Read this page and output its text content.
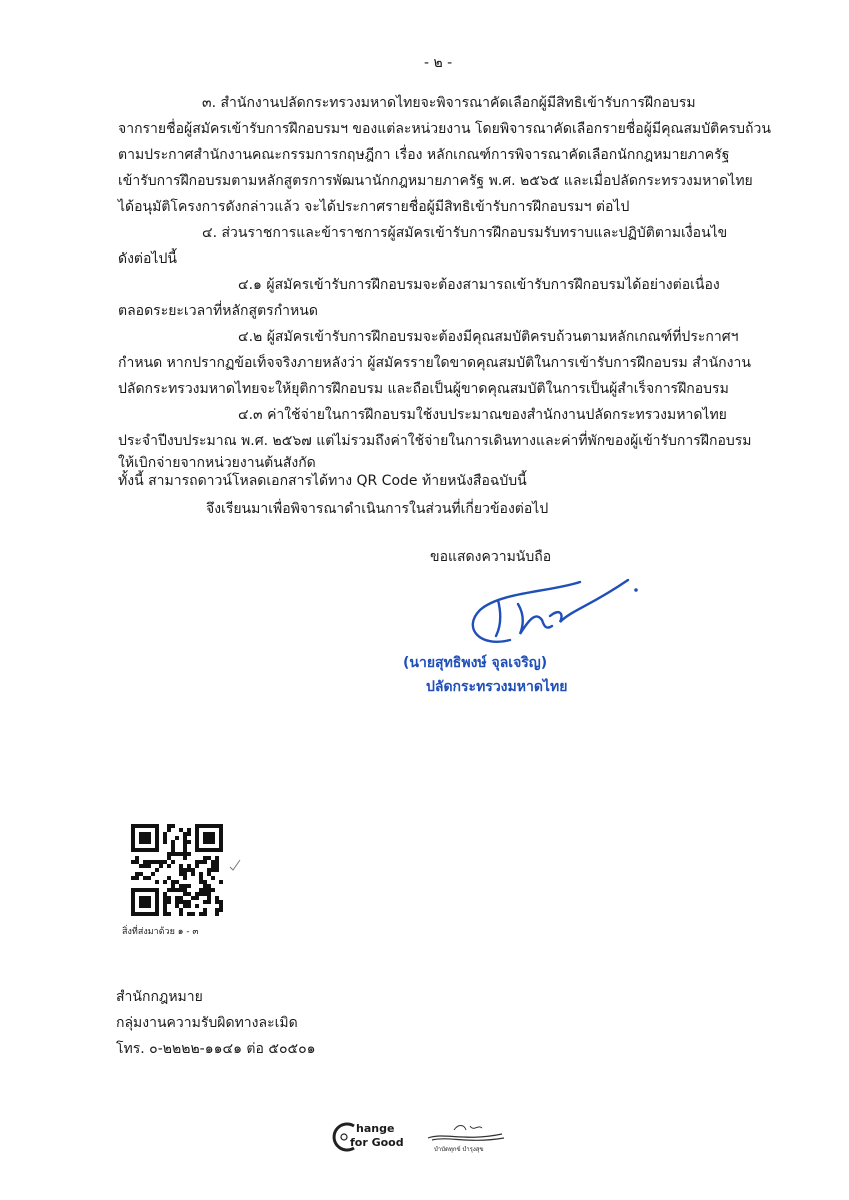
- ๒ -
๓. สำนักงานปลัดกระทรวงมหาดไทยจะพิจารณาคัดเลือกผู้มีสิทธิเข้ารับการฝึกอบรม
จากรายชื่อผู้สมัครเข้ารับการฝึกอบรมฯ ของแต่ละหน่วยงาน โดยพิจารณาคัดเลือกรายชื่อผู้มีคุณสมบัติครบถ้วน
ตามประกาศสำนักงานคณะกรรมการกฤษฎีกา เรื่อง หลักเกณฑ์การพิจารณาคัดเลือกนักกฎหมายภาครัฐ
เข้ารับการฝึกอบรมตามหลักสูตรการพัฒนานักกฎหมายภาครัฐ พ.ศ. ๒๕๖๕ และเมื่อปลัดกระทรวงมหาดไทย
ได้อนุมัติโครงการดังกล่าวแล้ว จะได้ประกาศรายชื่อผู้มีสิทธิเข้ารับการฝึกอบรมฯ ต่อไป
๔. ส่วนราชการและข้าราชการผู้สมัครเข้ารับการฝึกอบรมรับทราบและปฏิบัติตามเงื่อนไข
ดังต่อไปนี้
๔.๑ ผู้สมัครเข้ารับการฝึกอบรมจะต้องสามารถเข้ารับการฝึกอบรมได้อย่างต่อเนื่อง
ตลอดระยะเวลาที่หลักสูตรกำหนด
๔.๒ ผู้สมัครเข้ารับการฝึกอบรมจะต้องมีคุณสมบัติครบถ้วนตามหลักเกณฑ์ที่ประกาศฯ
กำหนด หากปรากฏข้อเท็จจริงภายหลังว่า ผู้สมัครรายใดขาดคุณสมบัติในการเข้ารับการฝึกอบรม สำนักงาน
ปลัดกระทรวงมหาดไทยจะให้ยุติการฝึกอบรม และถือเป็นผู้ขาดคุณสมบัติในการเป็นผู้สำเร็จการฝึกอบรม
๔.๓ ค่าใช้จ่ายในการฝึกอบรมใช้งบประมาณของสำนักงานปลัดกระทรวงมหาดไทย
ประจำปีงบประมาณ พ.ศ. ๒๕๖๗ แต่ไม่รวมถึงค่าใช้จ่ายในการเดินทางและค่าที่พักของผู้เข้ารับการฝึกอบรม
ให้เบิกจ่ายจากหน่วยงานต้นสังกัด
ทั้งนี้ สามารถดาวน์โหลดเอกสารได้ทาง QR Code ท้ายหนังสือฉบับนี้
จึงเรียนมาเพื่อพิจารณาดำเนินการในส่วนที่เกี่ยวข้องต่อไป
ขอแสดงความนับถือ
(นายสุทธิพงษ์ จุลเจริญ)
ปลัดกระทรวงมหาดไทย
สิ่งที่ส่งมาด้วย ๑ - ๓
สำนักกฎหมาย
กลุ่มงานความรับผิดทางละเมิด
โทร. ๐-๒๒๒๒-๑๑๔๑ ต่อ ๕๐๕๐๑
hange
for Good
บำบัดทุกข์ บำรุงสุข
